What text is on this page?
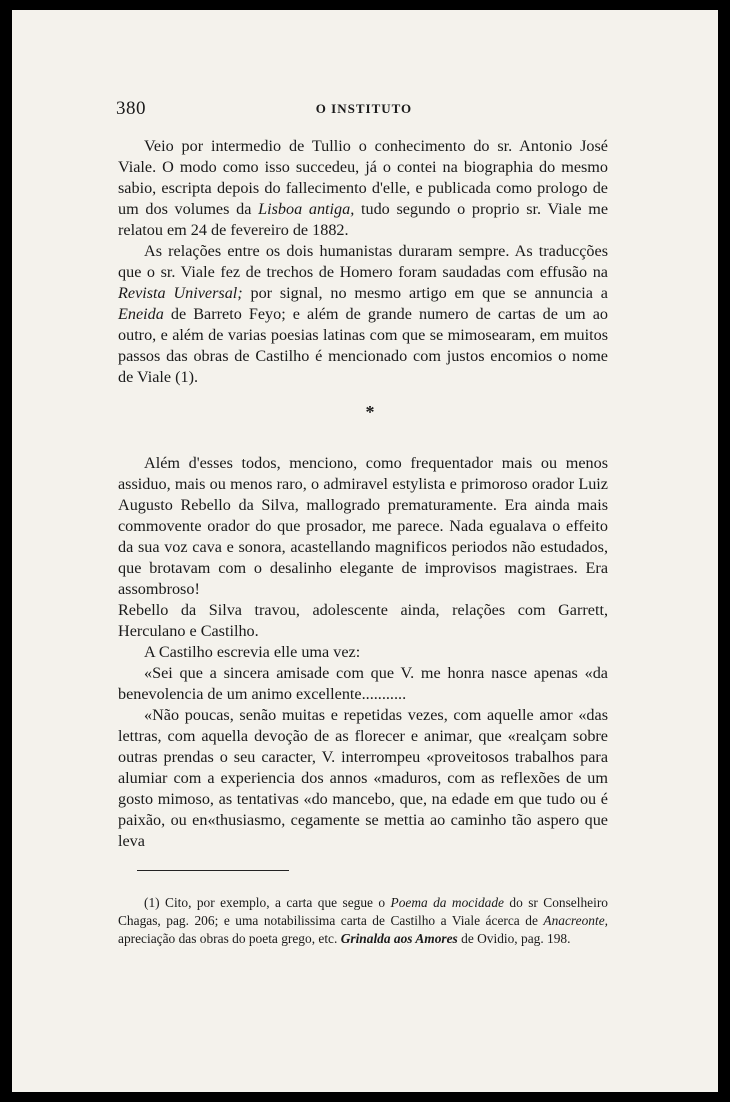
380	O INSTITUTO

Veio por intermedio de Tullio o conhecimento do sr. Antonio José Viale. O modo como isso succedeu, já o contei na biographia do mesmo sabio, escripta depois do fallecimento d'elle, e publicada como prologo de um dos volumes da Lisboa antiga, tudo segundo o proprio sr. Viale me relatou em 24 de fevereiro de 1882.

As relações entre os dois humanistas duraram sempre. As traducções que o sr. Viale fez de trechos de Homero foram saudadas com effusão na Revista Universal; por signal, no mesmo artigo em que se annuncia a Eneida de Barreto Feyo; e além de grande numero de cartas de um ao outro, e além de varias poesias latinas com que se mimosearam, em muitos passos das obras de Castilho é mencionado com justos encomios o nome de Viale (1).

*

Além d'esses todos, menciono, como frequentador mais ou menos assiduo, mais ou menos raro, o admiravel estylista e primoroso orador Luiz Augusto Rebello da Silva, mallogrado prematuramente. Era ainda mais commovente orador do que prosador, me parece. Nada egualava o effeito da sua voz cava e sonora, acastellando magnificos periodos não estudados, que brotavam com o desalinho elegante de improvisos magistraes. Era assombroso!

Rebello da Silva travou, adolescente ainda, relações com Garrett, Herculano e Castilho.

A Castilho escrevia elle uma vez:

«Sei que a sincera amisade com que V. me honra nasce apenas «da benevolencia de um animo excellente...........

«Não poucas, senão muitas e repetidas vezes, com aquelle amor «das lettras, com aquella devoção de as florecer e animar, que «realçam sobre outras prendas o seu caracter, V. interrompeu «proveitosos trabalhos para alumiar com a experiencia dos annos «maduros, com as reflexões de um gosto mimoso, as tentativas «do mancebo, que, na edade em que tudo ou é paixão, ou en«thusiasmo, cegamente se mettia ao caminho tão aspero que leva

(1) Cito, por exemplo, a carta que segue o Poema da mocidade do sr Conselheiro Chagas, pag. 206; e uma notabilissima carta de Castilho a Viale ácerca de Anacreonte, apreciação das obras do poeta grego, etc. Grinalda aos Amores de Ovidio, pag. 198.
